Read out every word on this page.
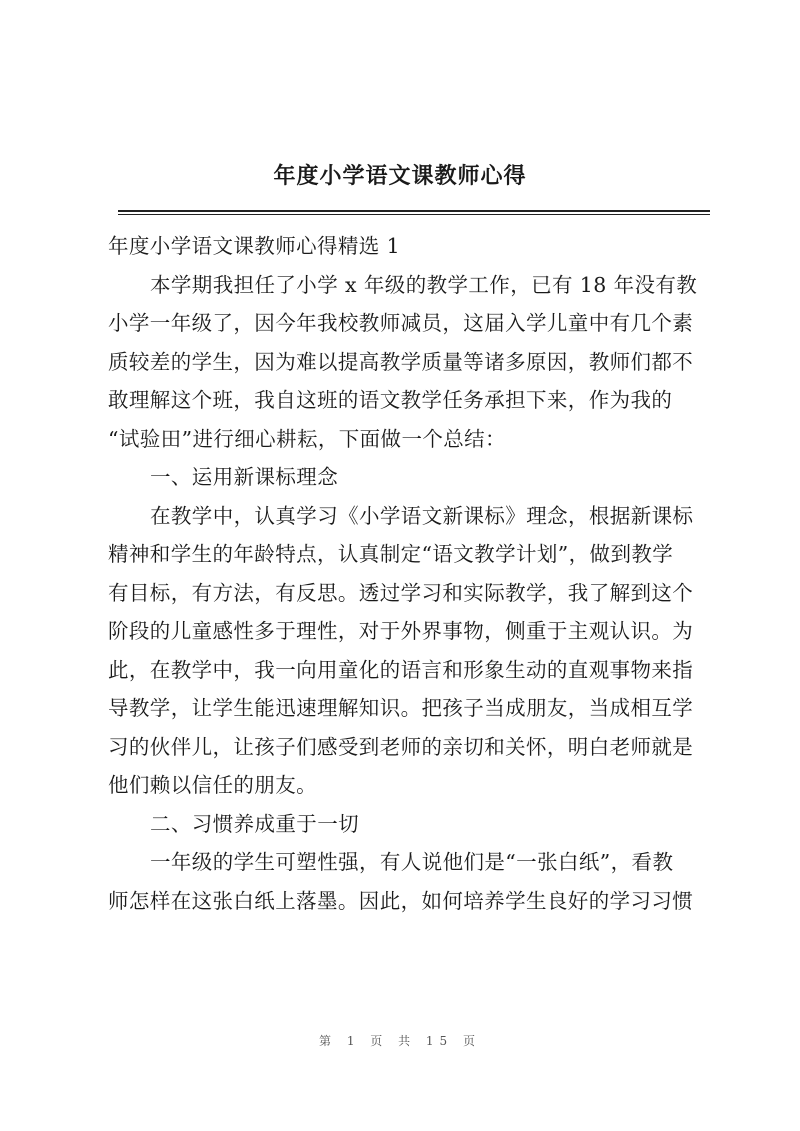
年度小学语文课教师心得
年度小学语文课教师心得精选 1
本学期我担任了小学 x 年级的教学工作，已有 18 年没有教
小学一年级了，因今年我校教师减员，这届入学儿童中有几个素
质较差的学生，因为难以提高教学质量等诸多原因，教师们都不
敢理解这个班，我自这班的语文教学任务承担下来，作为我的
“试验田”进行细心耕耘，下面做一个总结：
一、运用新课标理念
在教学中，认真学习《小学语文新课标》理念，根据新课标
精神和学生的年龄特点，认真制定“语文教学计划”，做到教学
有目标，有方法，有反思。透过学习和实际教学，我了解到这个
阶段的儿童感性多于理性，对于外界事物，侧重于主观认识。为
此，在教学中，我一向用童化的语言和形象生动的直观事物来指
导教学，让学生能迅速理解知识。把孩子当成朋友，当成相互学
习的伙伴儿，让孩子们感受到老师的亲切和关怀，明白老师就是
他们赖以信任的朋友。
二、习惯养成重于一切
一年级的学生可塑性强，有人说他们是“一张白纸”，看教
师怎样在这张白纸上落墨。因此，如何培养学生良好的学习习惯
第 1 页 共 15 页
